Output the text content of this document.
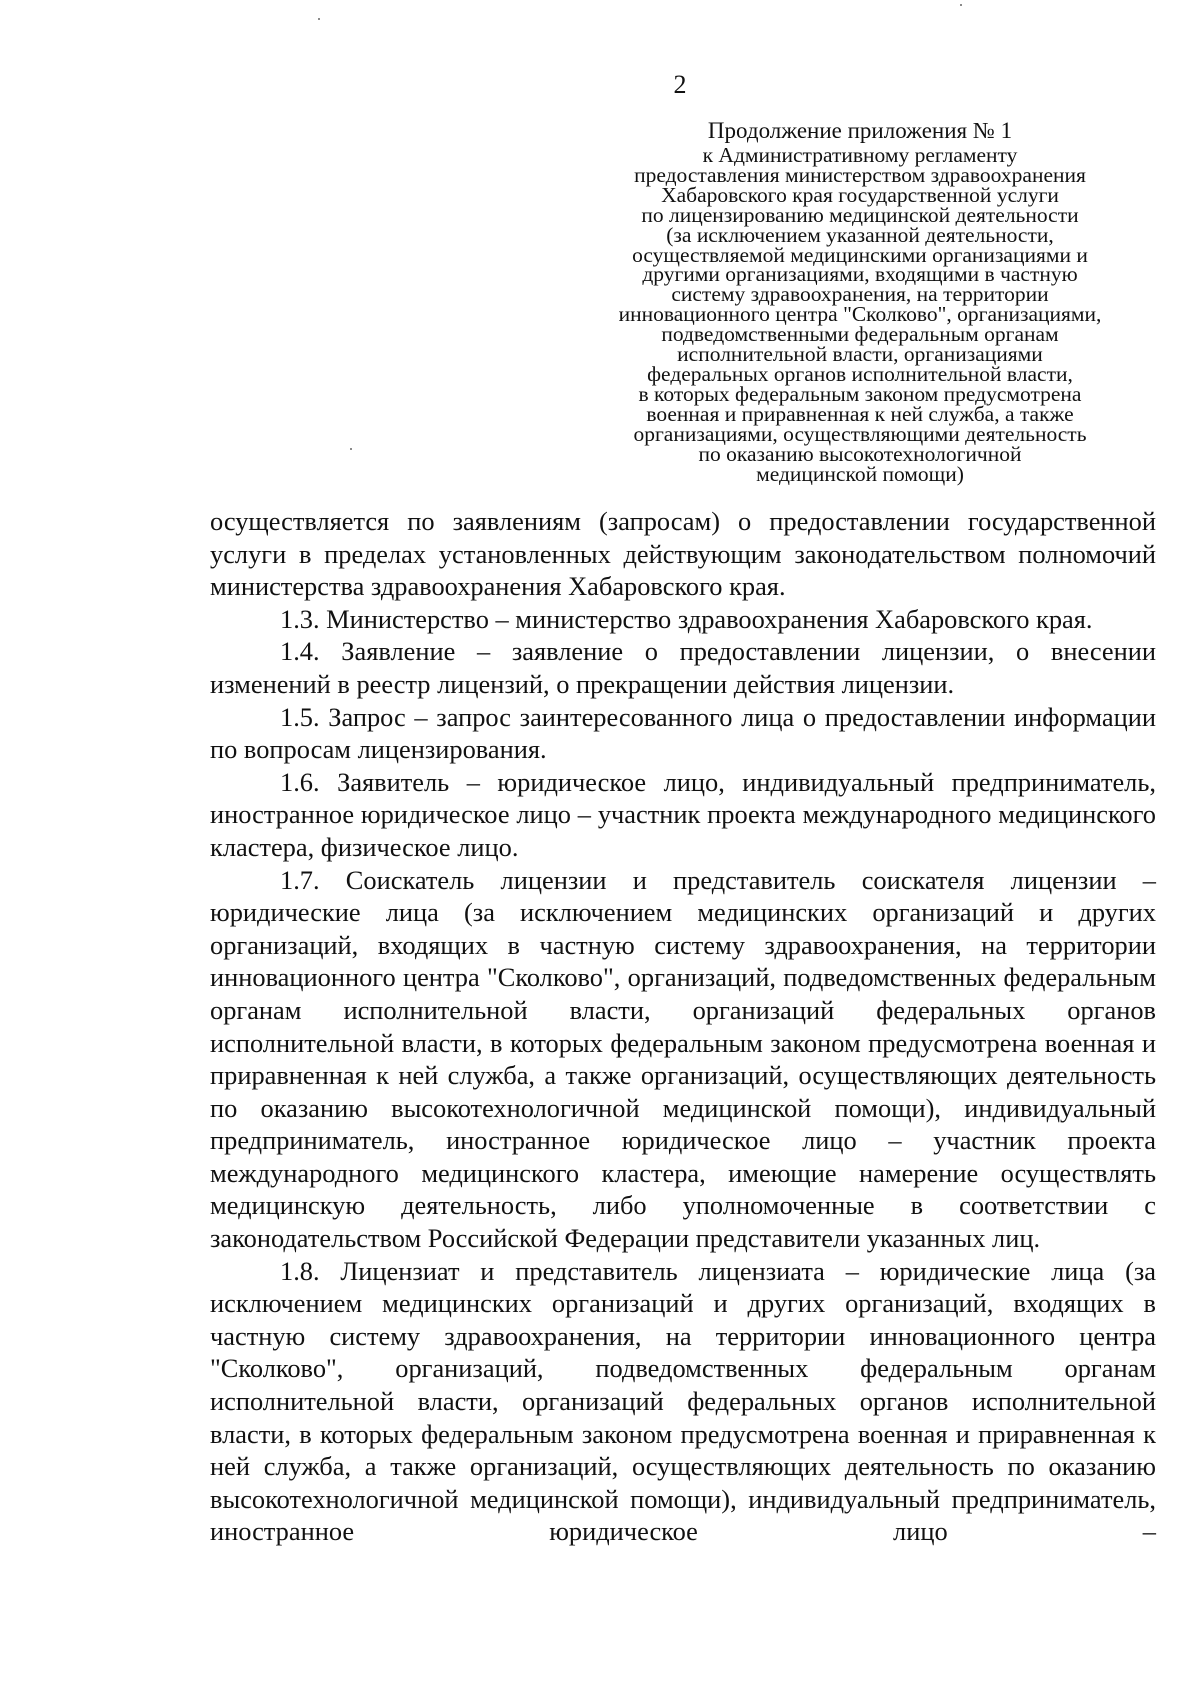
2
Продолжение приложения № 1
к Административному регламенту
предоставления министерством здравоохранения
Хабаровского края государственной услуги
по лицензированию медицинской деятельности
(за исключением указанной деятельности,
осуществляемой медицинскими организациями и
другими организациями, входящими в частную
систему здравоохранения, на территории
инновационного центра "Сколково", организациями,
подведомственными федеральным органам
исполнительной власти, организациями
федеральных органов исполнительной власти,
в которых федеральным законом предусмотрена
военная и приравненная к ней служба, а также
организациями, осуществляющими деятельность
по оказанию высокотехнологичной
медицинской помощи)

осуществляется по заявлениям (запросам) о предоставлении государственной услуги в пределах установленных действующим законодательством полномочий министерства здравоохранения Хабаровского края.

1.3. Министерство – министерство здравоохранения Хабаровского края.

1.4. Заявление – заявление о предоставлении лицензии, о внесении изменений в реестр лицензий, о прекращении действия лицензии.

1.5. Запрос – запрос заинтересованного лица о предоставлении информации по вопросам лицензирования.

1.6. Заявитель – юридическое лицо, индивидуальный предприниматель, иностранное юридическое лицо – участник проекта международного медицинского кластера, физическое лицо.

1.7. Соискатель лицензии и представитель соискателя лицензии – юридические лица (за исключением медицинских организаций и других организаций, входящих в частную систему здравоохранения, на территории инновационного центра "Сколково", организаций, подведомственных федеральным органам исполнительной власти, организаций федеральных органов исполнительной власти, в которых федеральным законом предусмотрена военная и приравненная к ней служба, а также организаций, осуществляющих деятельность по оказанию высокотехнологичной медицинской помощи), индивидуальный предприниматель, иностранное юридическое лицо – участник проекта международного медицинского кластера, имеющие намерение осуществлять медицинскую деятельность, либо уполномоченные в соответствии с законодательством Российской Федерации представители указанных лиц.

1.8. Лицензиат и представитель лицензиата – юридические лица (за исключением медицинских организаций и других организаций, входящих в частную систему здравоохранения, на территории инновационного центра "Сколково", организаций, подведомственных федеральным органам исполнительной власти, организаций федеральных органов исполнительной власти, в которых федеральным законом предусмотрена военная и приравненная к ней служба, а также организаций, осуществляющих деятельность по оказанию высокотехнологичной медицинской помощи), индивидуальный предприниматель, иностранное юридическое лицо –
